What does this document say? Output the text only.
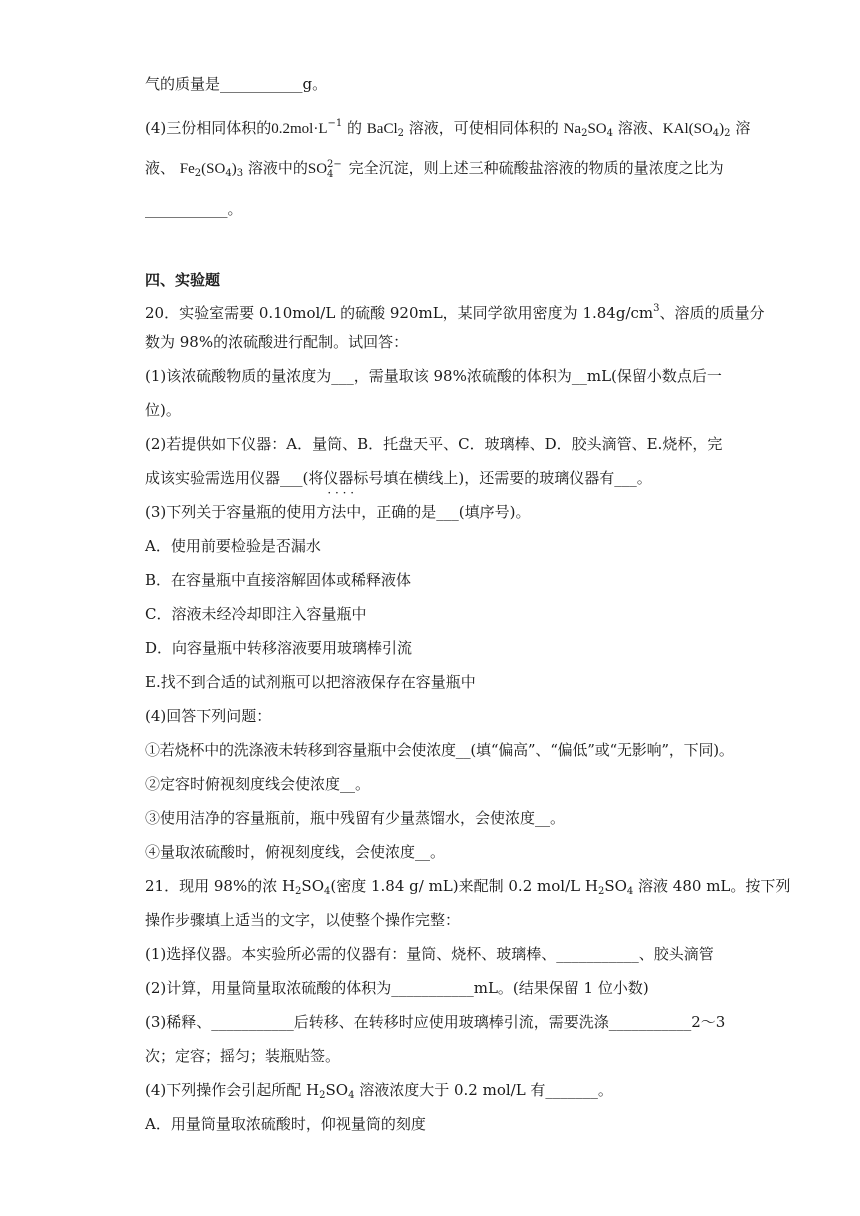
气的质量是___________g。
(4)三份相同体积的$0.2mol\cdot L^{-1}$ 的 BaCl$_2$ 溶液，可使相同体积的 $Na_2SO_4$ 溶液、$KAl(SO_4)_2$ 溶
液、 $Fe_2(SO_4)_3$ 溶液中的SO 2−
4 完全沉淀，则上述三种硫酸盐溶液的物质的量浓度之比为
___________。
四、实验题
20．实验室需要 0.10mol/L 的硫酸 920mL，某同学欲用密度为 $1.84g/cm^3$、溶质的质量分
数为 98%的浓硫酸进行配制。试回答：
(1)该浓硫酸物质的量浓度为___，需量取该 98%浓硫酸的体积为__mL(保留小数点后一
位)。
(2)若提供如下仪器：A．量筒、B．托盘天平、C．玻璃棒、D．胶头滴管、E.烧杯，完
成该实验需选用仪器___(将仪器标号 · · 填在横线上)，还需要的玻璃仪器有___。
(3)下列关于容量瓶的使用方法中，正确的是___(填序号)。
A．使用前要检验是否漏水
B．在容量瓶中直接溶解固体或稀释液体
C．溶液未经冷却即注入容量瓶中
D．向容量瓶中转移溶液要用玻璃棒引流
E.找不到合适的试剂瓶可以把溶液保存在容量瓶中
(4)回答下列问题：
①若烧杯中的洗涤液未转移到容量瓶中会使浓度__(填“偏高”、“偏低”或“无影响”，下同)。
②定容时俯视刻度线会使浓度__。
③使用洁净的容量瓶前，瓶中残留有少量蒸馏水，会使浓度__。
④量取浓硫酸时，俯视刻度线，会使浓度__。
21．现用 98%的浓 $H_2SO_4$(密度 1.84 g/ mL)来配制 0.2 mol/L $H_2SO_4$ 溶液 480 mL。按下列
操作步骤填上适当的文字，以使整个操作完整：
(1)选择仪器。本实验所必需的仪器有：量筒、烧杯、玻璃棒、___________、胶头滴管
(2)计算，用量筒量取浓硫酸的体积为___________mL。(结果保留 1 位小数)
(3)稀释、___________后转移、在转移时应使用玻璃棒引流，需要洗涤___________2～3
次；定容；摇匀；装瓶贴签。
(4)下列操作会引起所配 $H_2SO_4$ 溶液浓度大于 0.2 mol/L 有_______。
A．用量筒量取浓硫酸时，仰视量筒的刻度
